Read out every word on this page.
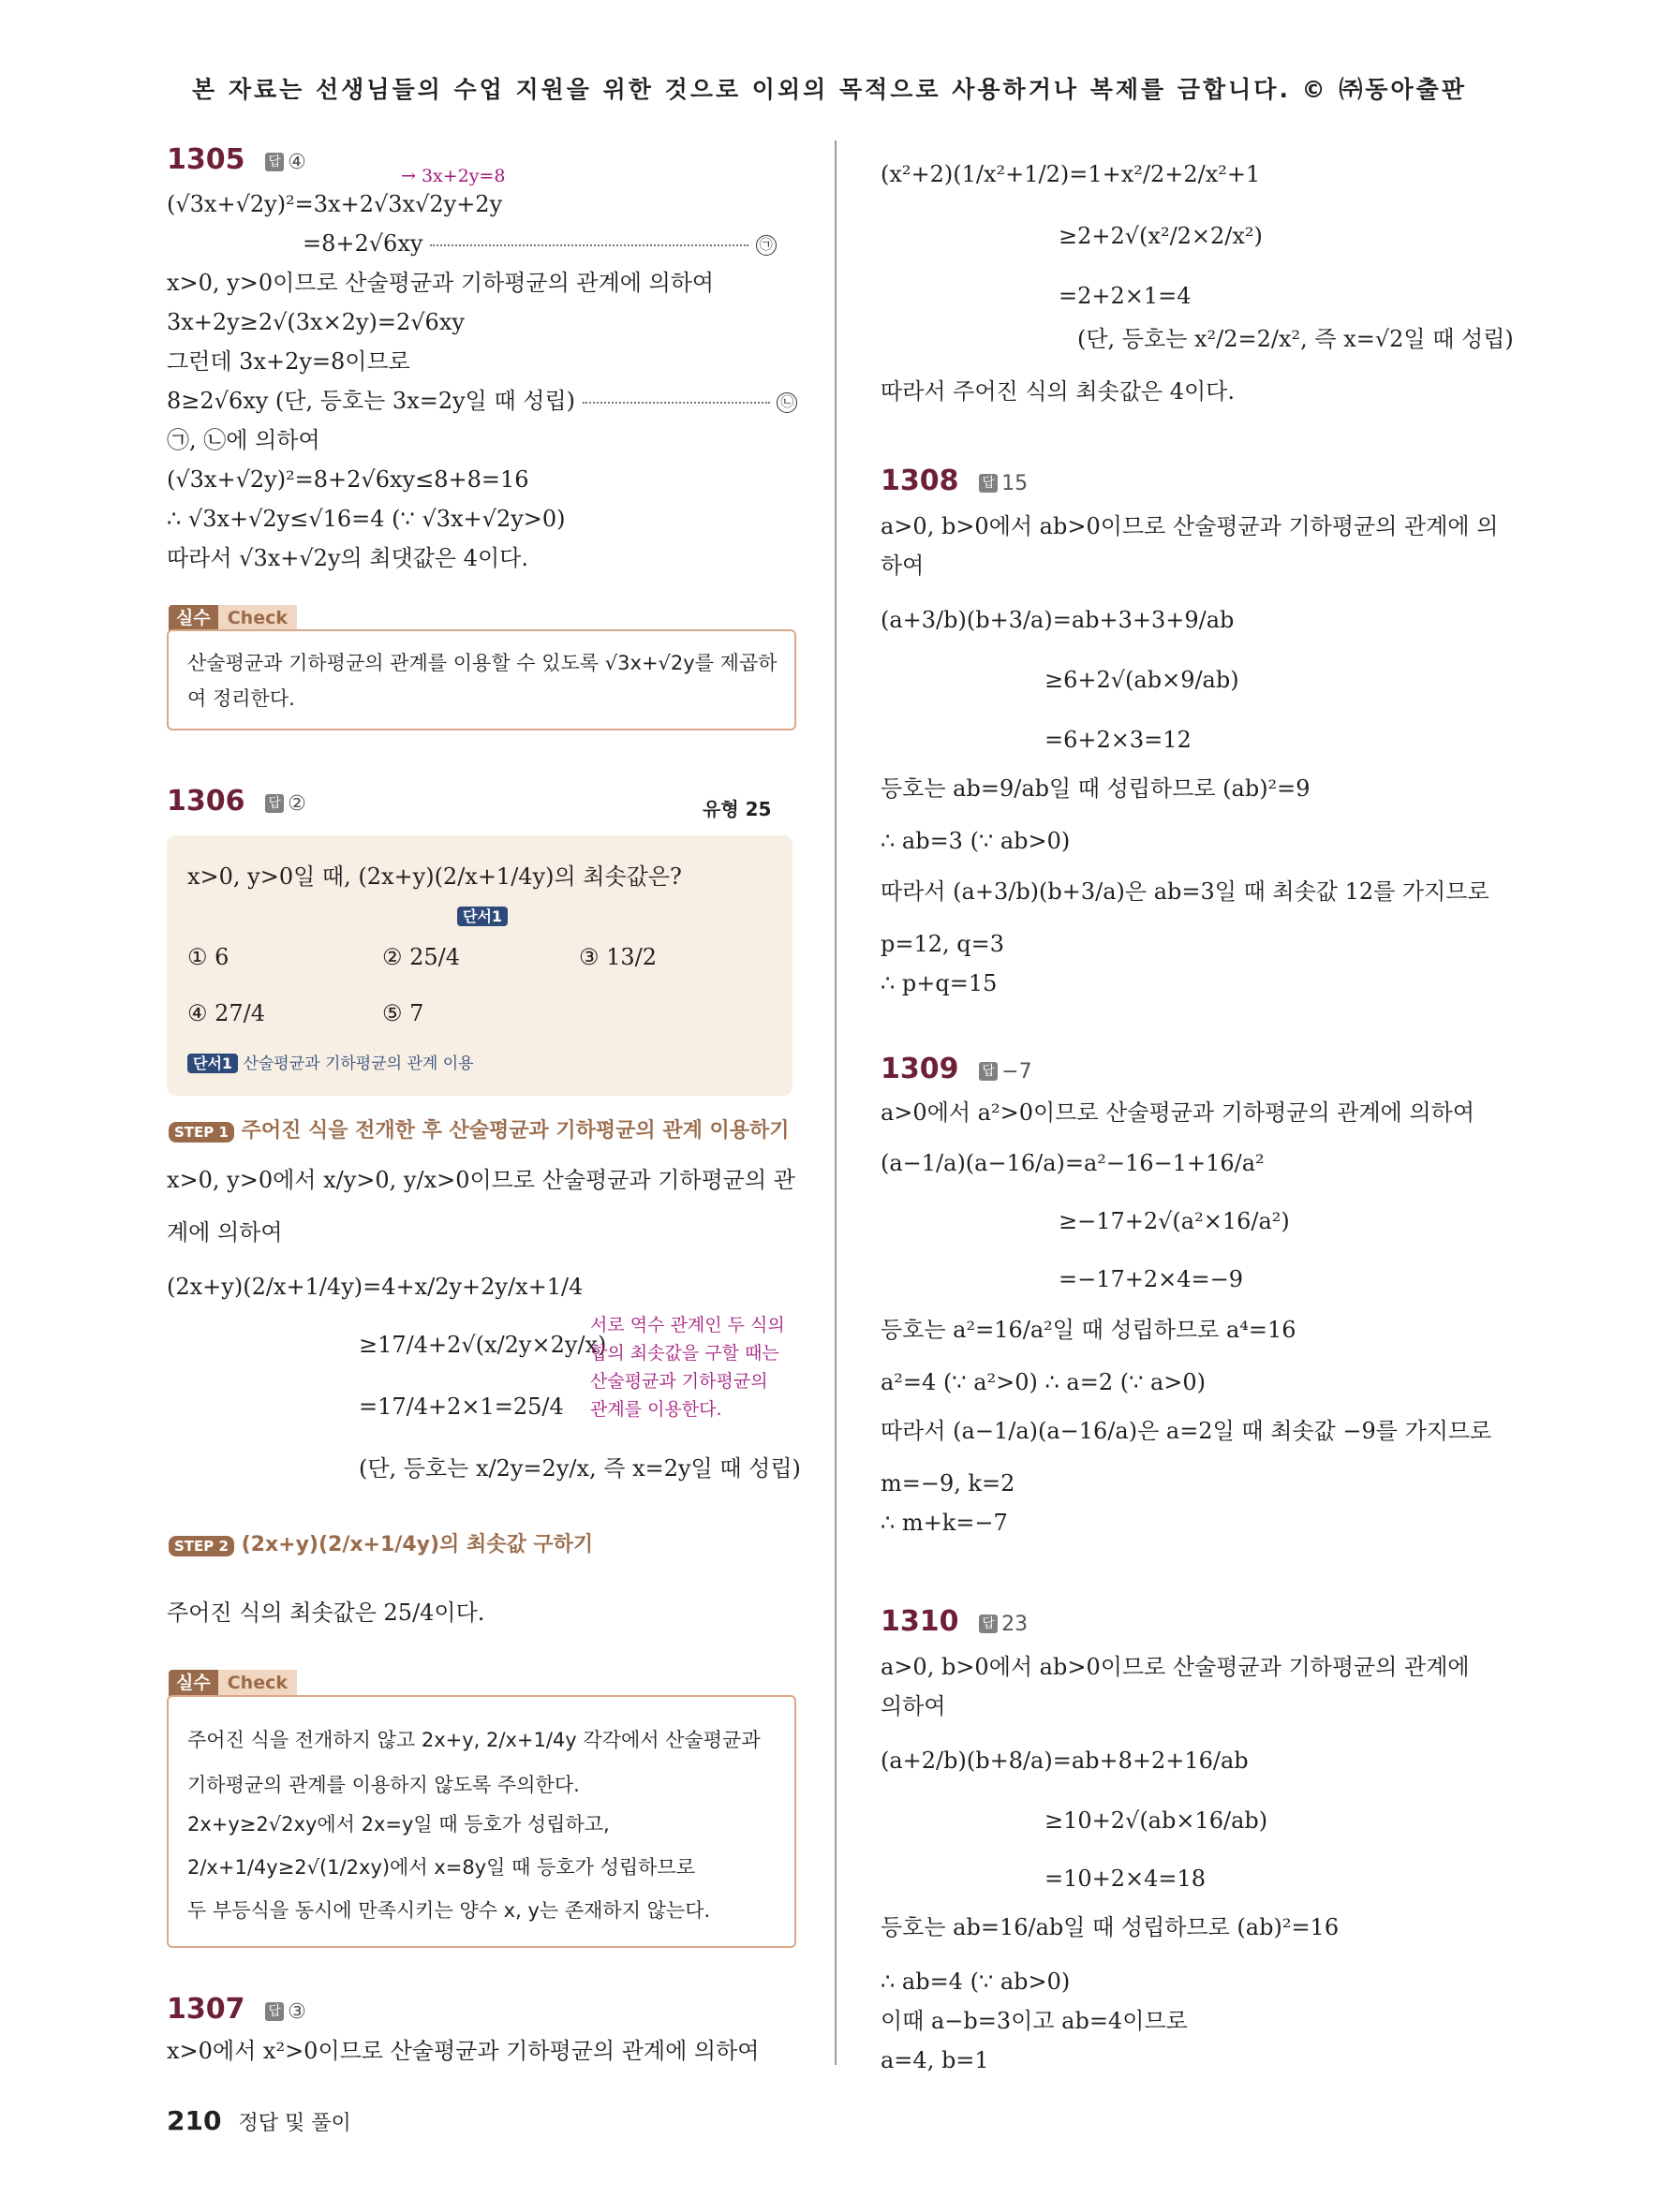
본 자료는 선생님들의 수업 지원을 위한 것으로 이외의 목적으로 사용하거나 복제를 금합니다. © ㈜동아출판
1305 답 ④
→ 3x+2y=8
(√3x+√2y)²=3x+2√3x√2y+2y
=8+2√6xy	㉠
x>0, y>0이므로 산술평균과 기하평균의 관계에 의하여
3x+2y≥2√(3x×2y)=2√6xy
그런데 3x+2y=8이므로
8≥2√6xy (단, 등호는 3x=2y일 때 성립)	㉡
㉠, ㉡에 의하여
(√3x+√2y)²=8+2√6xy≤8+8=16
∴ √3x+√2y≤√16=4 (∵ √3x+√2y>0)
따라서 √3x+√2y의 최댓값은 4이다.
실수 Check
산술평균과 기하평균의 관계를 이용할 수 있도록 √3x+√2y를 제곱하
여 정리한다.
1306 답 ②	유형 25
x>0, y>0일 때, (2x+y)(2/x+1/4y)의 최솟값은?
단서1
① 6	② 25/4	③ 13/2
④ 27/4	⑤ 7
단서1 산술평균과 기하평균의 관계 이용
STEP 1 주어진 식을 전개한 후 산술평균과 기하평균의 관계 이용하기
x>0, y>0에서 x/y>0, y/x>0이므로 산술평균과 기하평균의 관
계에 의하여
(2x+y)(2/x+1/4y)=4+x/2y+2y/x+1/4
≥17/4+2√(x/2y×2y/x)
=17/4+2×1=25/4
서로 역수 관계인 두 식의
합의 최솟값을 구할 때는
산술평균과 기하평균의
관계를 이용한다.
(단, 등호는 x/2y=2y/x, 즉 x=2y일 때 성립)
STEP 2 (2x+y)(2/x+1/4y)의 최솟값 구하기
주어진 식의 최솟값은 25/4이다.
실수 Check
주어진 식을 전개하지 않고 2x+y, 2/x+1/4y 각각에서 산술평균과
기하평균의 관계를 이용하지 않도록 주의한다.
2x+y≥2√2xy에서 2x=y일 때 등호가 성립하고,
2/x+1/4y≥2√(1/2xy)에서 x=8y일 때 등호가 성립하므로
두 부등식을 동시에 만족시키는 양수 x, y는 존재하지 않는다.
1307 답 ③
x>0에서 x²>0이므로 산술평균과 기하평균의 관계에 의하여
(x²+2)(1/x²+1/2)=1+x²/2+2/x²+1
≥2+2√(x²/2×2/x²)
=2+2×1=4
(단, 등호는 x²/2=2/x², 즉 x=√2일 때 성립)
따라서 주어진 식의 최솟값은 4이다.
1308 답 15
a>0, b>0에서 ab>0이므로 산술평균과 기하평균의 관계에 의
하여
(a+3/b)(b+3/a)=ab+3+3+9/ab
≥6+2√(ab×9/ab)
=6+2×3=12
등호는 ab=9/ab일 때 성립하므로 (ab)²=9
∴ ab=3 (∵ ab>0)
따라서 (a+3/b)(b+3/a)은 ab=3일 때 최솟값 12를 가지므로
p=12, q=3
∴ p+q=15
1309 답 −7
a>0에서 a²>0이므로 산술평균과 기하평균의 관계에 의하여
(a−1/a)(a−16/a)=a²−16−1+16/a²
≥−17+2√(a²×16/a²)
=−17+2×4=−9
등호는 a²=16/a²일 때 성립하므로 a⁴=16
a²=4 (∵ a²>0) ∴ a=2 (∵ a>0)
따라서 (a−1/a)(a−16/a)은 a=2일 때 최솟값 −9를 가지므로
m=−9, k=2
∴ m+k=−7
1310 답 23
a>0, b>0에서 ab>0이므로 산술평균과 기하평균의 관계에
의하여
(a+2/b)(b+8/a)=ab+8+2+16/ab
≥10+2√(ab×16/ab)
=10+2×4=18
등호는 ab=16/ab일 때 성립하므로 (ab)²=16
∴ ab=4 (∵ ab>0)
이때 a−b=3이고 ab=4이므로
a=4, b=1
210 정답 및 풀이
